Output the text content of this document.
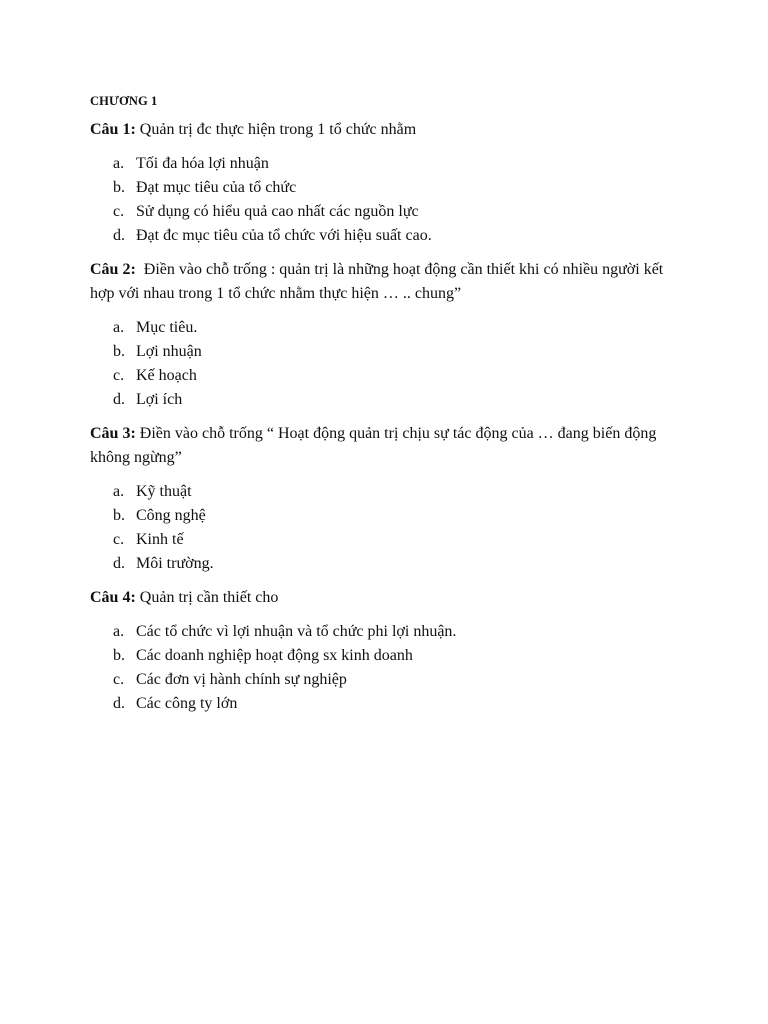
CHƯƠNG 1

Câu 1: Quản trị đc thực hiện trong 1 tổ chức nhằm

a. Tối đa hóa lợi nhuận
b. Đạt mục tiêu của tổ chức
c. Sử dụng có hiểu quả cao nhất các nguồn lực
d. Đạt đc mục tiêu của tổ chức với hiệu suất cao.

Câu 2:  Điền vào chỗ trống : quản trị là những hoạt động cần thiết khi có nhiều người kết hợp với nhau trong 1 tổ chức nhằm thực hiện … .. chung”

a. Mục tiêu.
b. Lợi nhuận
c. Kế hoạch
d. Lợi ích

Câu 3: Điền vào chỗ trống “ Hoạt động quản trị chịu sự tác động của … đang biến động không ngừng”

a. Kỹ thuật
b. Công nghệ
c. Kinh tế
d. Môi trường.

Câu 4: Quản trị cần thiết cho

a. Các tổ chức vì lợi nhuận và tổ chức phi lợi nhuận.
b. Các doanh nghiệp hoạt động sx kinh doanh
c. Các đơn vị hành chính sự nghiệp
d. Các công ty lớn
